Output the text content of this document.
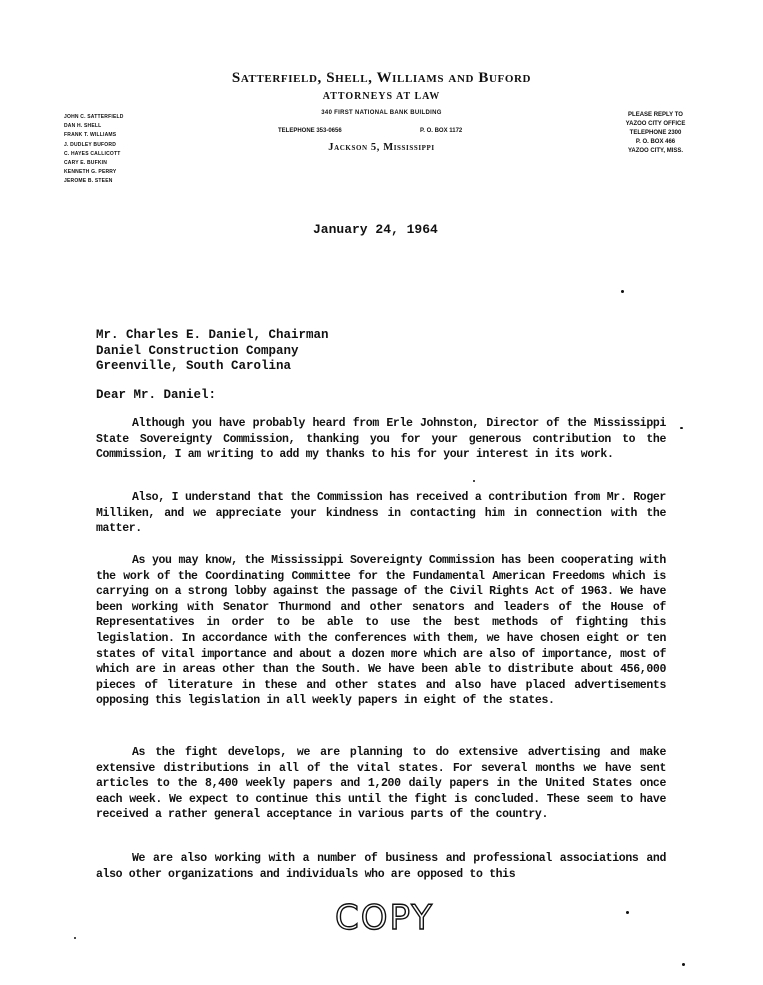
Satterfield, Shell, Williams and Buford
ATTORNEYS AT LAW
340 FIRST NATIONAL BANK BUILDING
TELEPHONE 353-0656	P. O. BOX 1172
Jackson 5, Mississippi
JOHN C. SATTERFIELD
DAN H. SHELL
FRANK T. WILLIAMS
J. DUDLEY BUFORD
C. HAYES CALLICOTT
CARY E. BUFKIN
KENNETH G. PERRY
JEROME B. STEEN
PLEASE REPLY TO
YAZOO CITY OFFICE
TELEPHONE 2300
P. O. BOX 466
YAZOO CITY, MISS.
January 24, 1964
Mr. Charles E. Daniel, Chairman
Daniel Construction Company
Greenville, South Carolina
Dear Mr. Daniel:

Although you have probably heard from Erle Johnston, Director of the Mississippi State Sovereignty Commission, thanking you for your generous contribution to the Commission, I am writing to add my thanks to his for your interest in its work.

Also, I understand that the Commission has received a contribution from Mr. Roger Milliken, and we appreciate your kindness in contacting him in connection with the matter.

As you may know, the Mississippi Sovereignty Commission has been cooperating with the work of the Coordinating Committee for the Fundamental American Freedoms which is carrying on a strong lobby against the passage of the Civil Rights Act of 1963. We have been working with Senator Thurmond and other senators and leaders of the House of Representatives in order to be able to use the best methods of fighting this legislation. In accordance with the conferences with them, we have chosen eight or ten states of vital importance and about a dozen more which are also of importance, most of which are in areas other than the South. We have been able to distribute about 456,000 pieces of literature in these and other states and also have placed advertisements opposing this legislation in all weekly papers in eight of the states.

As the fight develops, we are planning to do extensive advertising and make extensive distributions in all of the vital states. For several months we have sent articles to the 8,400 weekly papers and 1,200 daily papers in the United States once each week. We expect to continue this until the fight is concluded. These seem to have received a rather general acceptance in various parts of the country.

We are also working with a number of business and professional associations and also other organizations and individuals who are opposed to this

COPY
